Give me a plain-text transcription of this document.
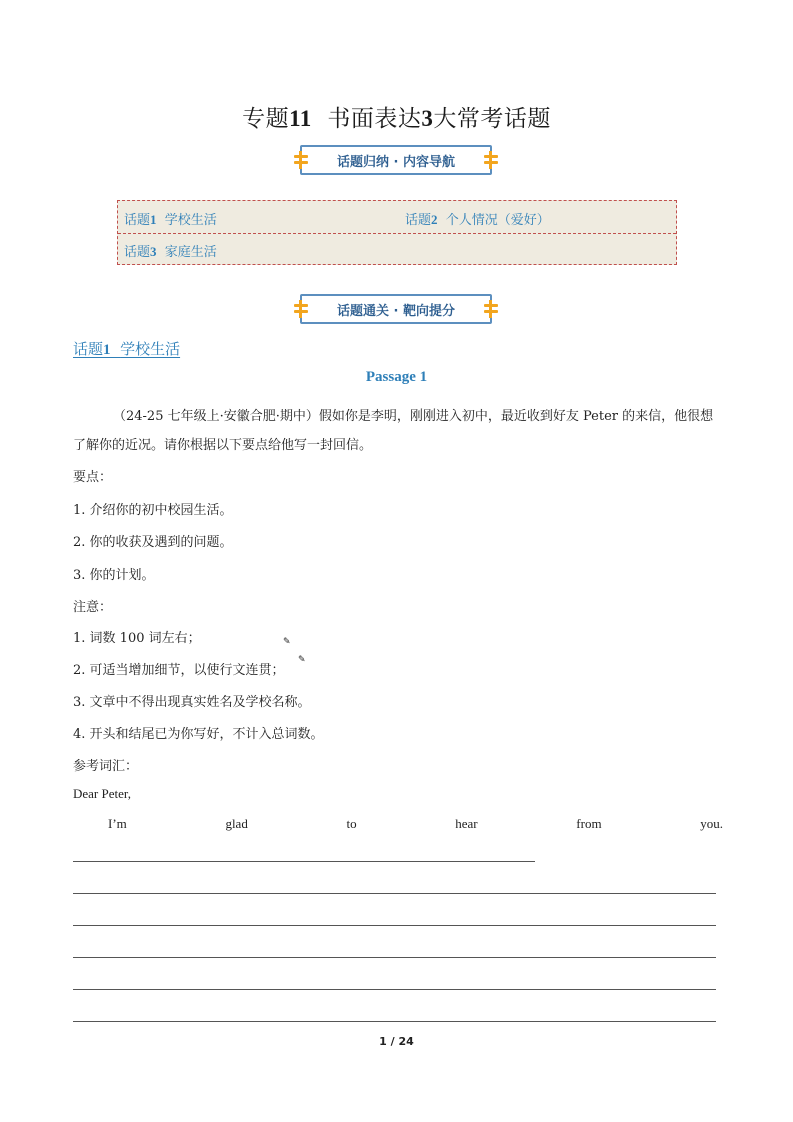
专题11 书面表达3大常考话题
话题归纳 · 内容导航
话题1 学校生活	话题2 个人情况（爱好）
话题3 家庭生活
话题通关 · 靶向提分
话题1 学校生活
Passage 1
（24-25 七年级上·安徽合肥·期中）假如你是李明，刚刚进入初中，最近收到好友 Peter 的来信，他很想了解你的近况。请你根据以下要点给他写一封回信。
要点：
1. 介绍你的初中校园生活。
2. 你的收获及遇到的问题。
3. 你的计划。
注意：
1. 词数 100 词左右；
2. 可适当增加细节，以使行文连贯；
3. 文章中不得出现真实姓名及学校名称。
4. 开头和结尾已为你写好，不计入总词数。
参考词汇：
✎
✎
Dear Peter,
I’m	glad	to	hear	from	you.
1 / 24
